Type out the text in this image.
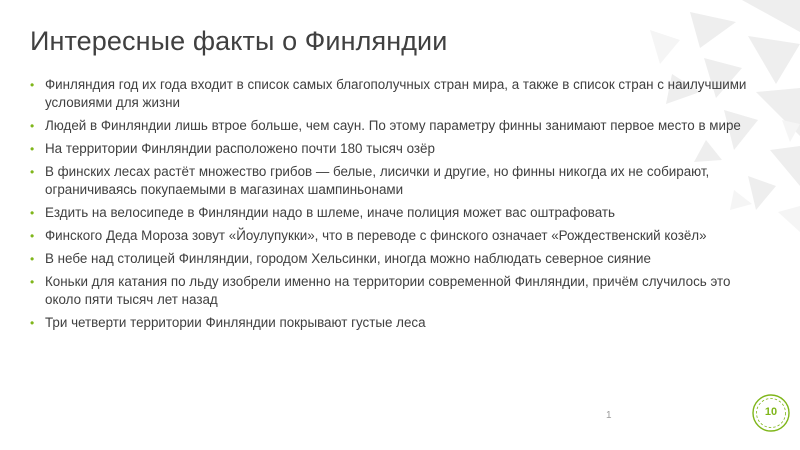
Интересные факты о Финляндии
• Финляндия год их года входит в список самых благополучных стран мира, а также в список стран с наилучшими условиями для жизни
• Людей в Финляндии лишь втрое больше, чем саун. По этому параметру финны занимают первое место в мире
• На территории Финляндии расположено почти 180 тысяч озёр
• В финских лесах растёт множество грибов — белые, лисички и другие, но финны никогда их не собирают, ограничиваясь покупаемыми в магазинах шампиньонами
• Ездить на велосипеде в Финляндии надо в шлеме, иначе полиция может вас оштрафовать
• Финского Деда Мороза зовут «Йоулупукки», что в переводе с финского означает «Рождественский козёл»
• В небе над столицей Финляндии, городом Хельсинки, иногда можно наблюдать северное сияние
• Коньки для катания по льду изобрели именно на территории современной Финляндии, причём случилось это около пяти тысяч лет назад
• Три четверти территории Финляндии покрывают густые леса
1	10
